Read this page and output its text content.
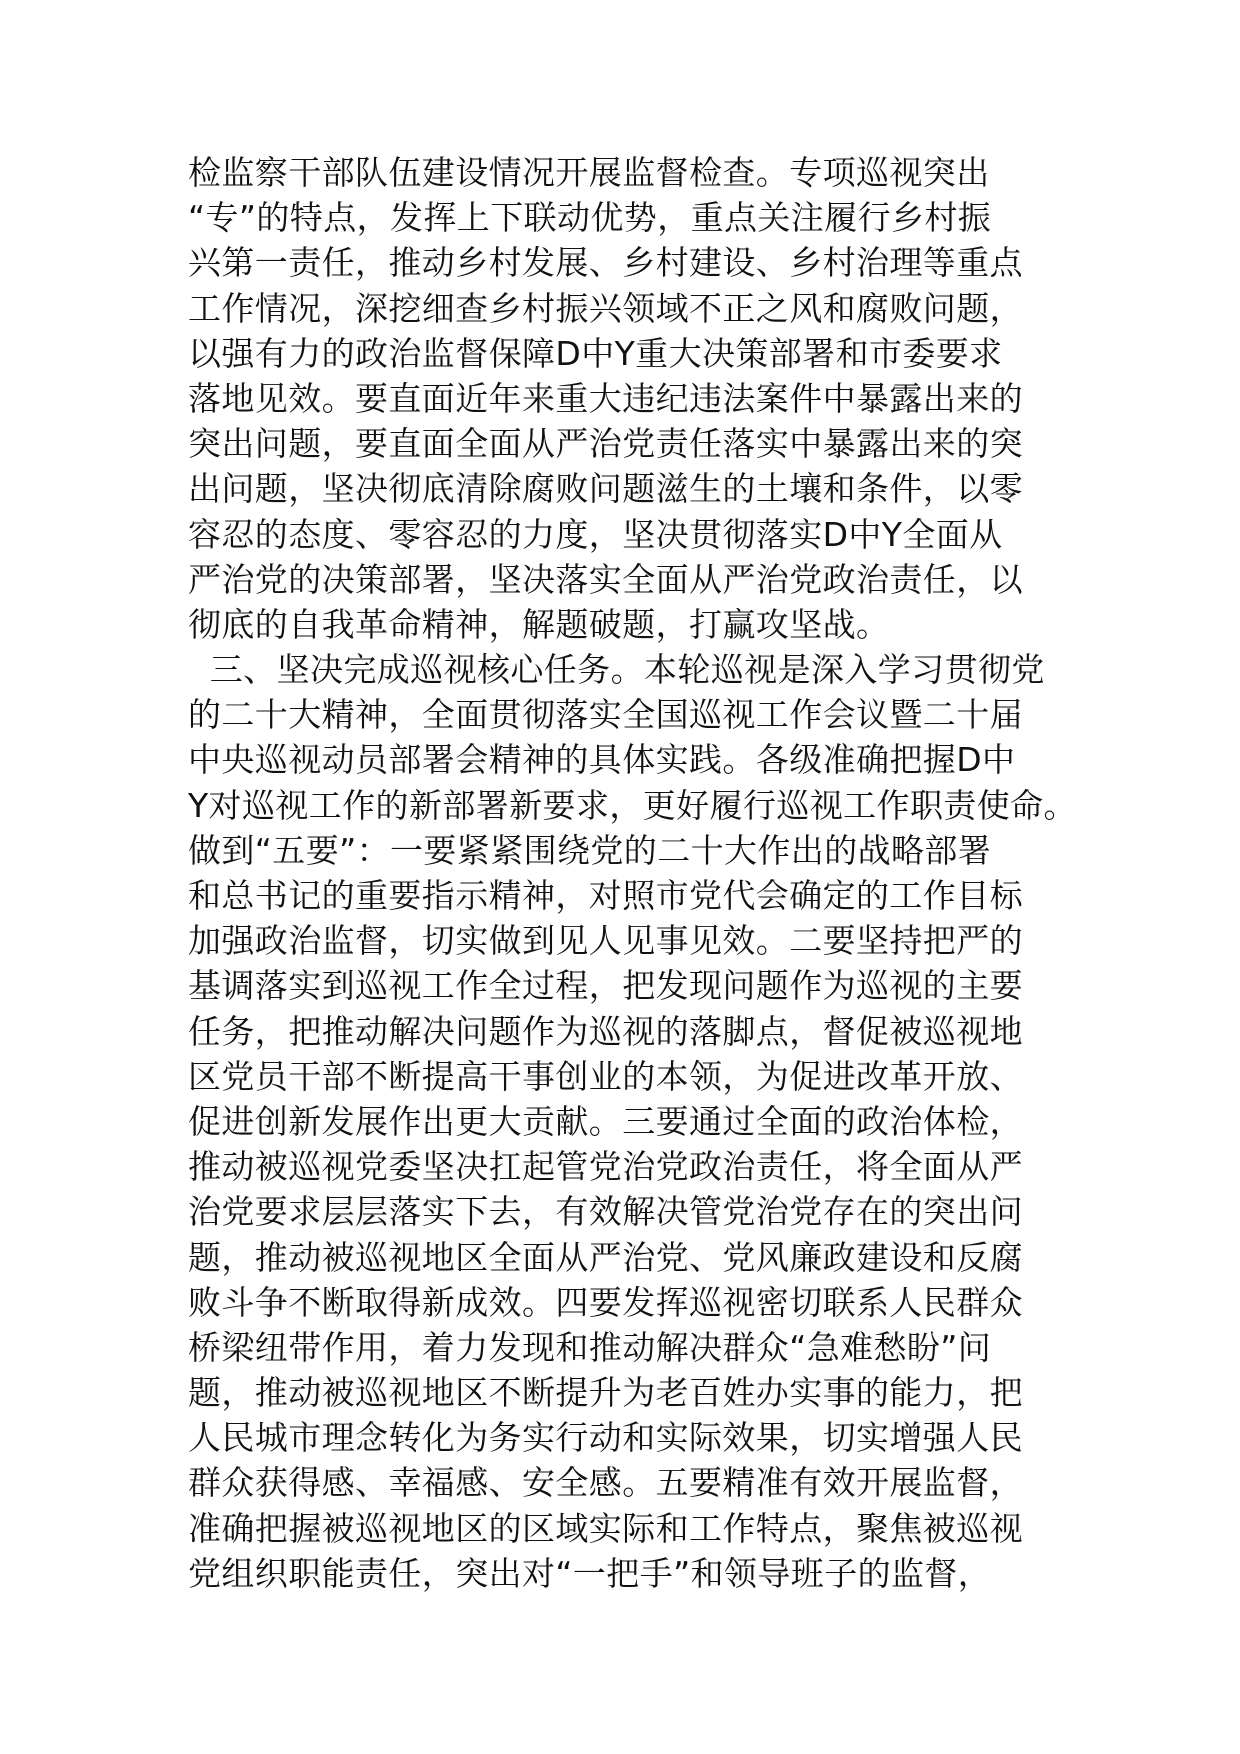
检监察干部队伍建设情况开展监督检查。专项巡视突出
“专”的特点，发挥上下联动优势，重点关注履行乡村振
兴第一责任，推动乡村发展、乡村建设、乡村治理等重点
工作情况，深挖细查乡村振兴领域不正之风和腐败问题，
以强有力的政治监督保障D中Y重大决策部署和市委要求
落地见效。要直面近年来重大违纪违法案件中暴露出来的
突出问题，要直面全面从严治党责任落实中暴露出来的突
出问题，坚决彻底清除腐败问题滋生的土壤和条件，以零
容忍的态度、零容忍的力度，坚决贯彻落实D中Y全面从
严治党的决策部署，坚决落实全面从严治党政治责任，以
彻底的自我革命精神，解题破题，打赢攻坚战。
三、坚决完成巡视核心任务。本轮巡视是深入学习贯彻党
的二十大精神，全面贯彻落实全国巡视工作会议暨二十届
中央巡视动员部署会精神的具体实践。各级准确把握D中
Y对巡视工作的新部署新要求，更好履行巡视工作职责使命。
做到“五要”：一要紧紧围绕党的二十大作出的战略部署
和总书记的重要指示精神，对照市党代会确定的工作目标
加强政治监督，切实做到见人见事见效。二要坚持把严的
基调落实到巡视工作全过程，把发现问题作为巡视的主要
任务，把推动解决问题作为巡视的落脚点，督促被巡视地
区党员干部不断提高干事创业的本领，为促进改革开放、
促进创新发展作出更大贡献。三要通过全面的政治体检，
推动被巡视党委坚决扛起管党治党政治责任，将全面从严
治党要求层层落实下去，有效解决管党治党存在的突出问
题，推动被巡视地区全面从严治党、党风廉政建设和反腐
败斗争不断取得新成效。四要发挥巡视密切联系人民群众
桥梁纽带作用，着力发现和推动解决群众“急难愁盼”问
题，推动被巡视地区不断提升为老百姓办实事的能力，把
人民城市理念转化为务实行动和实际效果，切实增强人民
群众获得感、幸福感、安全感。五要精准有效开展监督，
准确把握被巡视地区的区域实际和工作特点，聚焦被巡视
党组织职能责任，突出对“一把手”和领导班子的监督，
